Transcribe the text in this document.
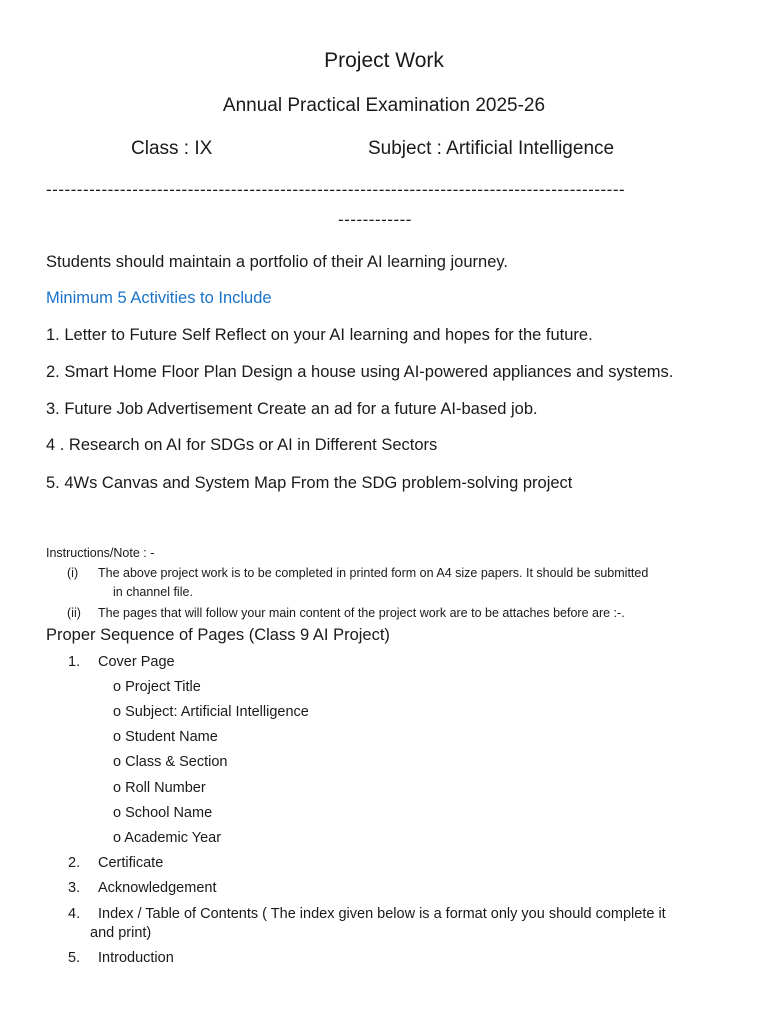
Project Work
Annual Practical Examination 2025-26
Class : IX	Subject : Artificial Intelligence
----------------------------------------------------------------------------------------------
------------
Students should maintain a portfolio of their AI learning journey.
Minimum 5 Activities to Include
1. Letter to Future Self Reflect on your AI learning and hopes for the future.
2. Smart Home Floor Plan Design a house using AI-powered appliances and systems.
3. Future Job Advertisement Create an ad for a future AI-based job.
4 . Research on AI for SDGs or AI in Different Sectors
5. 4Ws Canvas and System Map From the SDG problem-solving project
Instructions/Note : -
(i) The above project work is to be completed in printed form on A4 size papers. It should be submitted
in channel file.
(ii) The pages that will follow your main content of the project work are to be attaches before are :-.
Proper Sequence of Pages (Class 9 AI Project)
1. Cover Page
o Project Title
o Subject: Artificial Intelligence
o Student Name
o Class & Section
o Roll Number
o School Name
o Academic Year
2. Certificate
3. Acknowledgement
4. Index / Table of Contents ( The index given below is a format only you should complete it
and print)
5. Introduction
